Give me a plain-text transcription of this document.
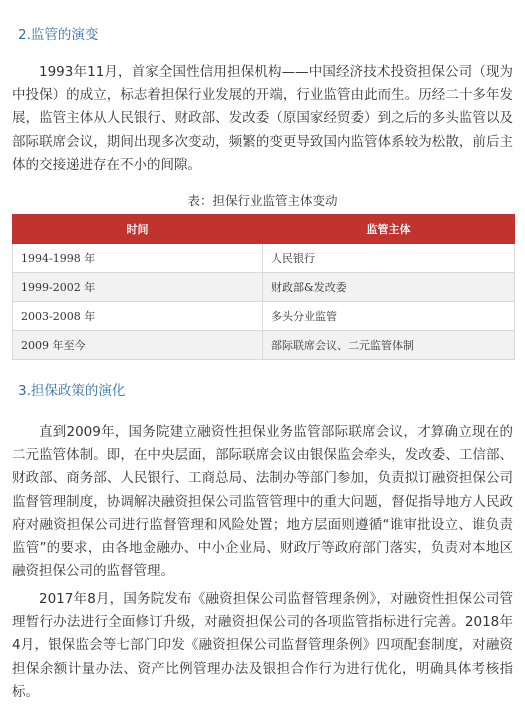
2.监管的演变

1993年11月，首家全国性信用担保机构——中国经济技术投资担保公司（现为中投保）的成立，标志着担保行业发展的开端，行业监管由此而生。历经二十多年发展，监管主体从人民银行、财政部、发改委（原国家经贸委）到之后的多头监管以及部际联席会议，期间出现多次变动，频繁的变更导致国内监管体系较为松散，前后主体的交接递进存在不小的间隙。

表：担保行业监管主体变动
时间	监管主体
1994-1998 年	人民银行
1999-2002 年	财政部&发改委
2003-2008 年	多头分业监管
2009 年至今	部际联席会议、二元监管体制
3.担保政策的演化

直到2009年，国务院建立融资性担保业务监管部际联席会议，才算确立现在的二元监管体制。即，在中央层面，部际联席会议由银保监会牵头，发改委、工信部、财政部、商务部、人民银行、工商总局、法制办等部门参加，负责拟订融资担保公司监督管理制度，协调解决融资担保公司监管管理中的重大问题，督促指导地方人民政府对融资担保公司进行监督管理和风险处置；地方层面则遵循“谁审批设立、谁负责监管”的要求，由各地金融办、中小企业局、财政厅等政府部门落实，负责对本地区融资担保公司的监督管理。

2017年8月，国务院发布《融资担保公司监督管理条例》，对融资性担保公司管理暂行办法进行全面修订升级，对融资担保公司的各项监管指标进行完善。2018年4月，银保监会等七部门印发《融资担保公司监督管理条例》四项配套制度，对融资担保余额计量办法、资产比例管理办法及银担合作行为进行优化，明确具体考核指标。
